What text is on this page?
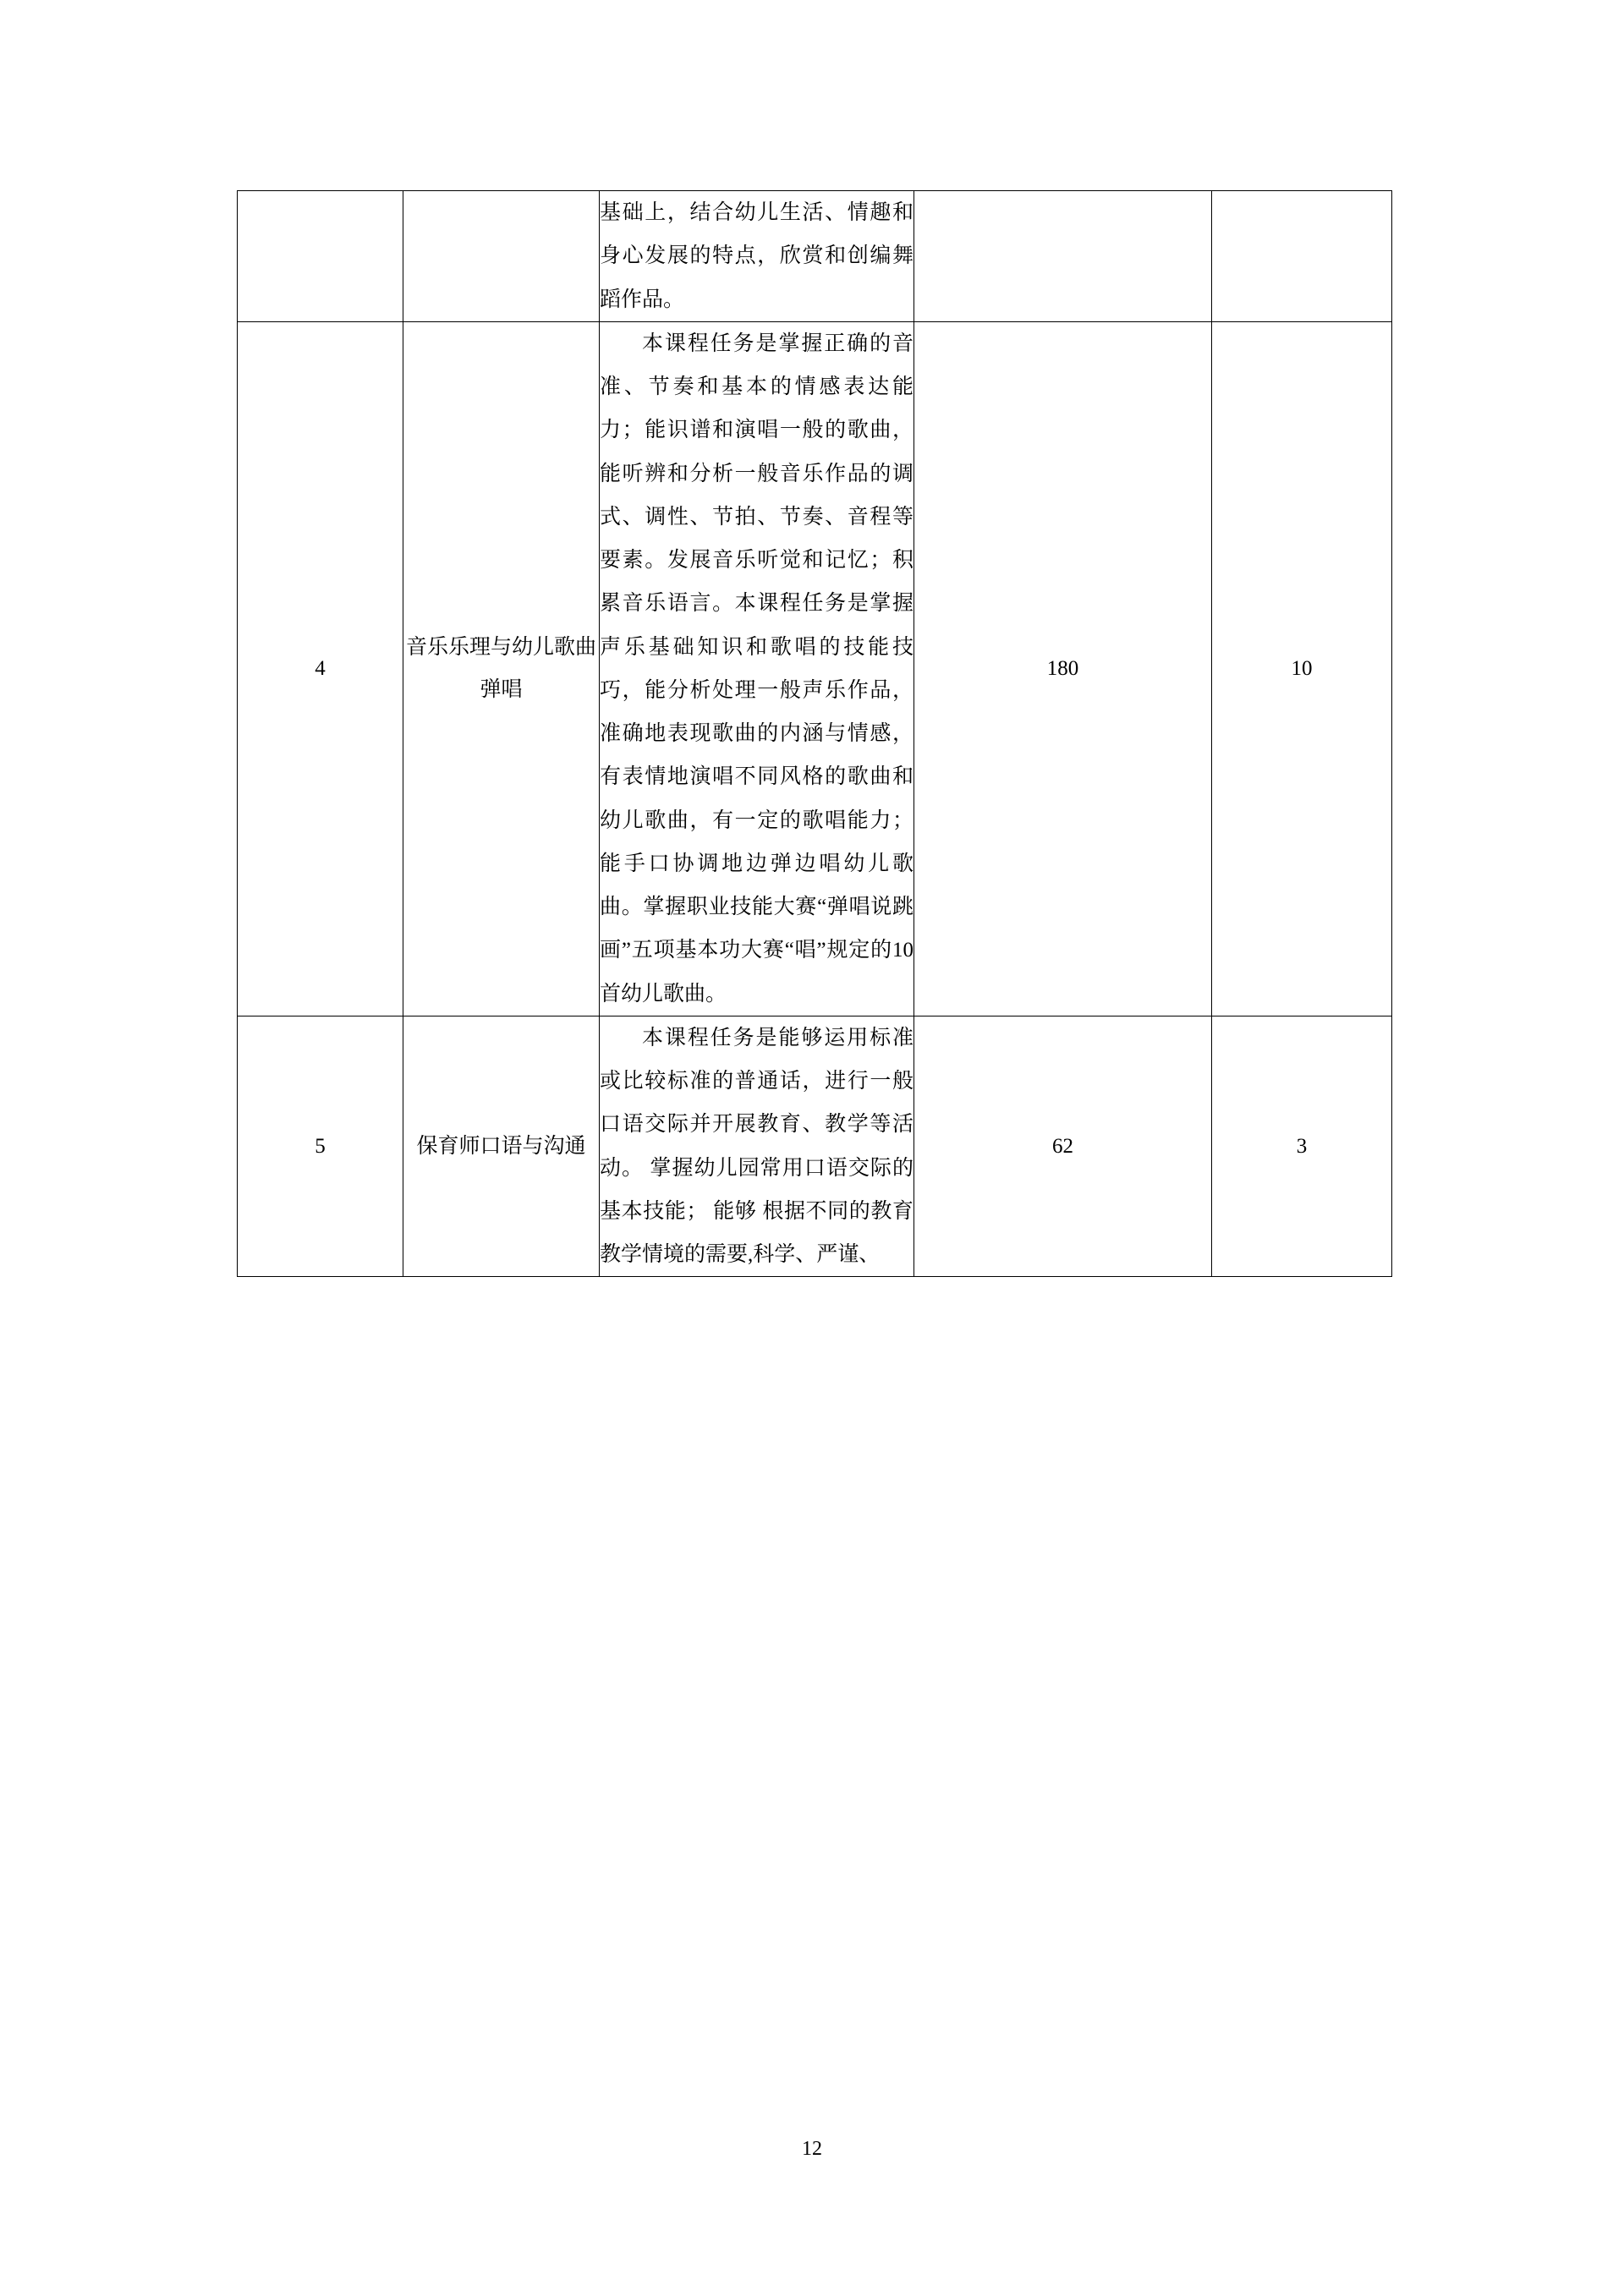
		基础上，结合幼儿生活、情趣和身心发展的特点，欣赏和创编舞蹈作品。		
4	音乐乐理与幼儿歌曲弹唱	本课程任务是掌握正确的音准、节奏和基本的情感表达能力；能识谱和演唱一般的歌曲，能听辨和分析一般音乐作品的调式、调性、节拍、节奏、音程等要素。发展音乐听觉和记忆；积累音乐语言。本课程任务是掌握声乐基础知识和歌唱的技能技巧，能分析处理一般声乐作品，准确地表现歌曲的内涵与情感，有表情地演唱不同风格的歌曲和幼儿歌曲，有一定的歌唱能力；能手口协调地边弹边唱幼儿歌曲。掌握职业技能大赛“弹唱说跳画”五项基本功大赛“唱”规定的10首幼儿歌曲。	180	10
5	保育师口语与沟通	本课程任务是能够运用标准或比较标准的普通话，进行一般口语交际并开展教育、教学等活动。 掌握幼儿园常用口语交际的基本技能； 能够 根据不同的教育教学情境的需要,科学、严谨、	62	3
12
